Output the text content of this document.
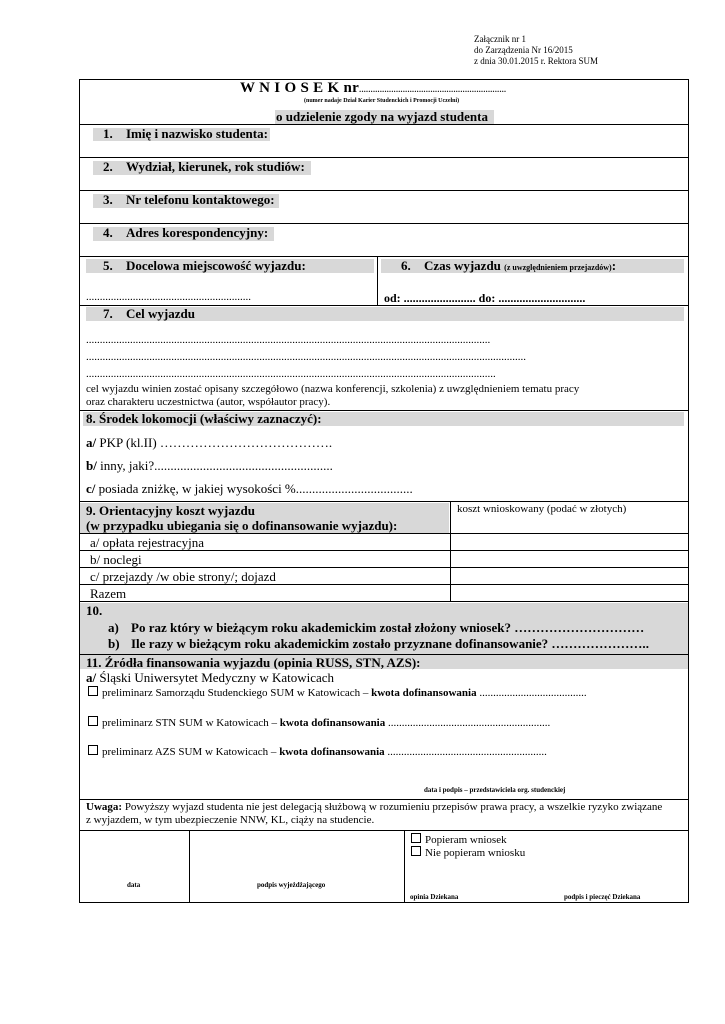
Załącznik nr 1
do Zarządzenia Nr 16/2015
z dnia 30.01.2015 r. Rektora SUM
W N I O S E K nr................................................................
(numer nadaje Dział Karier Studenckich i Promocji Uczelni)
o udzielenie zgody na wyjazd studenta
1. Imię i nazwisko studenta:
2. Wydział, kierunek, rok studiów:
3. Nr telefonu kontaktowego:
4. Adres korespondencyjny:
5. Docelowa miejscowość wyjazdu:
............................................................
6. Czas wyjazdu (z uwzględnieniem przejazdów):
od: ........................ do: .............................
7. Cel wyjazdu
...................................................................................................................................................
................................................................................................................................................................
.....................................................................................................................................................
cel wyjazdu winien zostać opisany szczegółowo (nazwa konferencji, szkolenia) z uwzględnieniem tematu pracy
oraz charakteru uczestnictwa (autor, współautor pracy).
8. Środek lokomocji (właściwy zaznaczyć):
a/ PKP (kl.II) ………………………………….
b/ inny, jaki?.......................................................
c/ posiada zniżkę, w jakiej wysokości %....................................
9. Orientacyjny koszt wyjazdu
(w przypadku ubiegania się o dofinansowanie wyjazdu):
koszt wnioskowany (podać w złotych)
a/ opłata rejestracyjna
b/ noclegi
c/ przejazdy /w obie strony/; dojazd
Razem
10.
a) Po raz który w bieżącym roku akademickim został złożony wniosek? …………………………
b) Ile razy w bieżącym roku akademickim zostało przyznane dofinansowanie? …………………..
11. Źródła finansowania wyjazdu (opinia RUSS, STN, AZS):
a/ Śląski Uniwersytet Medyczny w Katowicach
preliminarz Samorządu Studenckiego SUM w Katowicach – kwota dofinansowania .......................................
preliminarz STN SUM w Katowicach – kwota dofinansowania ...........................................................
preliminarz AZS SUM w Katowicach – kwota dofinansowania ..........................................................
data i podpis – przedstawiciela org. studenckiej
Uwaga: Powyższy wyjazd studenta nie jest delegacją służbową w rozumieniu przepisów prawa pracy, a wszelkie ryzyko związane
z wyjazdem, w tym ubezpieczenie NNW, KL, ciąży na studencie.
Popieram wniosek
Nie popieram wniosku
data	podpis wyjeżdżającego
opinia Dziekana	podpis i pieczęć Dziekana
